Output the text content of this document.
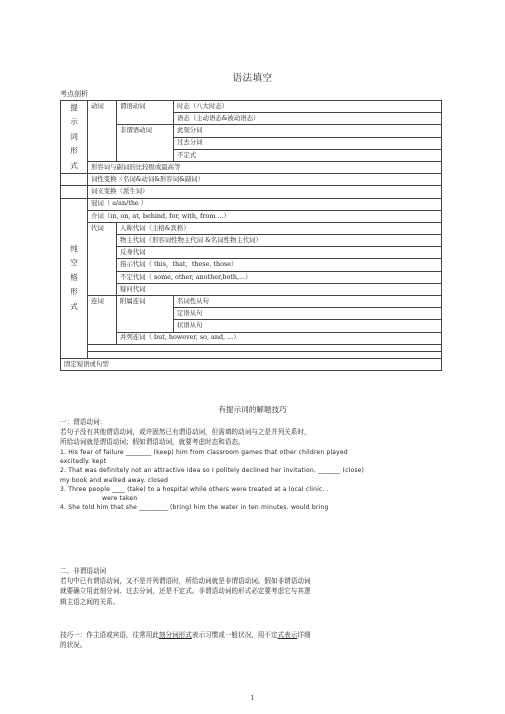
语法填空
考点剖析
提示词形式	动词	谓语动词	时态（八大时态）
			语态（主动语态&被动语态）
		非谓语动词	此刻分词
			过去分词
			不定式
	形容词与副词的比较级或最高等		
	词性变换（名词&动词&形容词&副词）		
	词义变换（派生词）		
纯空格形式	冠词（ a/an/the ）		
	介词（in, on, at, behind, for, with, from ...）		
	代词	人称代词（主格&宾格）	
		物主代词（形容词性物主代词 &名词性物主代词）	
		反身代词	
		指示代词（ this，that，these, those）	
		不定代词（ some, other, another,both,...）	
		疑问代词	
	连词	附属连词	名词性从句
			定语从句
			状语从句
		并列连词（ but, however, so, and, ...）	

固定短语或句型			
有提示词的解题技巧
一：谓语动词：
若句子没有其他谓语动词，或许固然已有谓语动词，但需填的动词与之是并列关系时，
所给动词就是谓语动词；假如谓语动词，就要考虑时态和语态。
1. His fear of failure ________ (keep) him from classroom games that other children played
excitedly. kept
2. That was definitely not an attractive idea so I politely declined her invitation, _______ (close)
my book and walked away. closed
3. Three people ____ (take) to a hospital while others were treated at a local clinic. .
were taken
4. She told him that she _________ (bring) him the water in ten minutes. would bring
二、非谓语动词
若句中已有谓语动词，又不是并列谓语时，所给动词就是非谓语动词。假如非谓语动词
就要确立用此刻分词、过去分词，还是不定式。非谓语动词的形式必定要考虑它与其逻
辑主语之间的关系。
技巧一：作主语或宾语，往常用此刻分词形式表示习惯或一般状况，用不定式表示详细
的状况。
1
